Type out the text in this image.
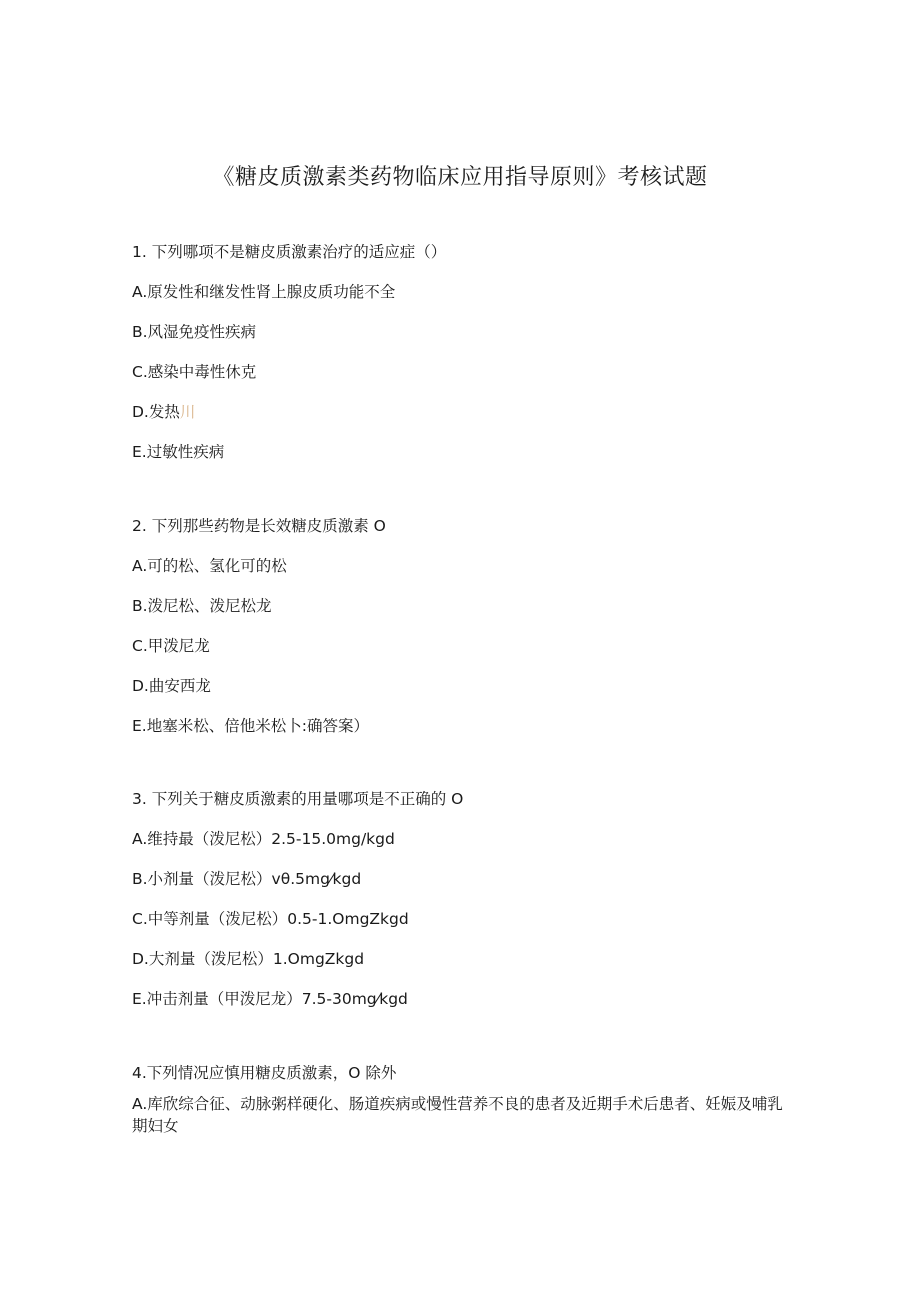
《糖皮质激素类药物临床应用指导原则》考核试题

1. 下列哪项不是糖皮质激素治疗的适应症（）

A.原发性和继发性肾上腺皮质功能不全

B.风湿免疫性疾病

C.感染中毒性休克

D.发热川

E.过敏性疾病

2. 下列那些药物是长效糖皮质激素 O

A.可的松、氢化可的松

B.泼尼松、泼尼松龙

C.甲泼尼龙

D.曲安西龙

E.地塞米松、倍他米松卜:确答案）

3. 下列关于糖皮质激素的用量哪项是不正确的 O

A.维持最（泼尼松）2.5-15.0mg/kgd

B.小剂量（泼尼松）vθ.5mg⁄kgd

C.中等剂量（泼尼松）0.5-1.OmgZkgd

D.大剂量（泼尼松）1.OmgZkgd

E.冲击剂量（甲泼尼龙）7.5-30mg⁄kgd

4.下列情况应慎用糖皮质激素，O 除外

A.库欣综合征、动脉粥样硬化、肠道疾病或慢性营养不良的患者及近期手术后患者、妊娠及哺乳期妇女
